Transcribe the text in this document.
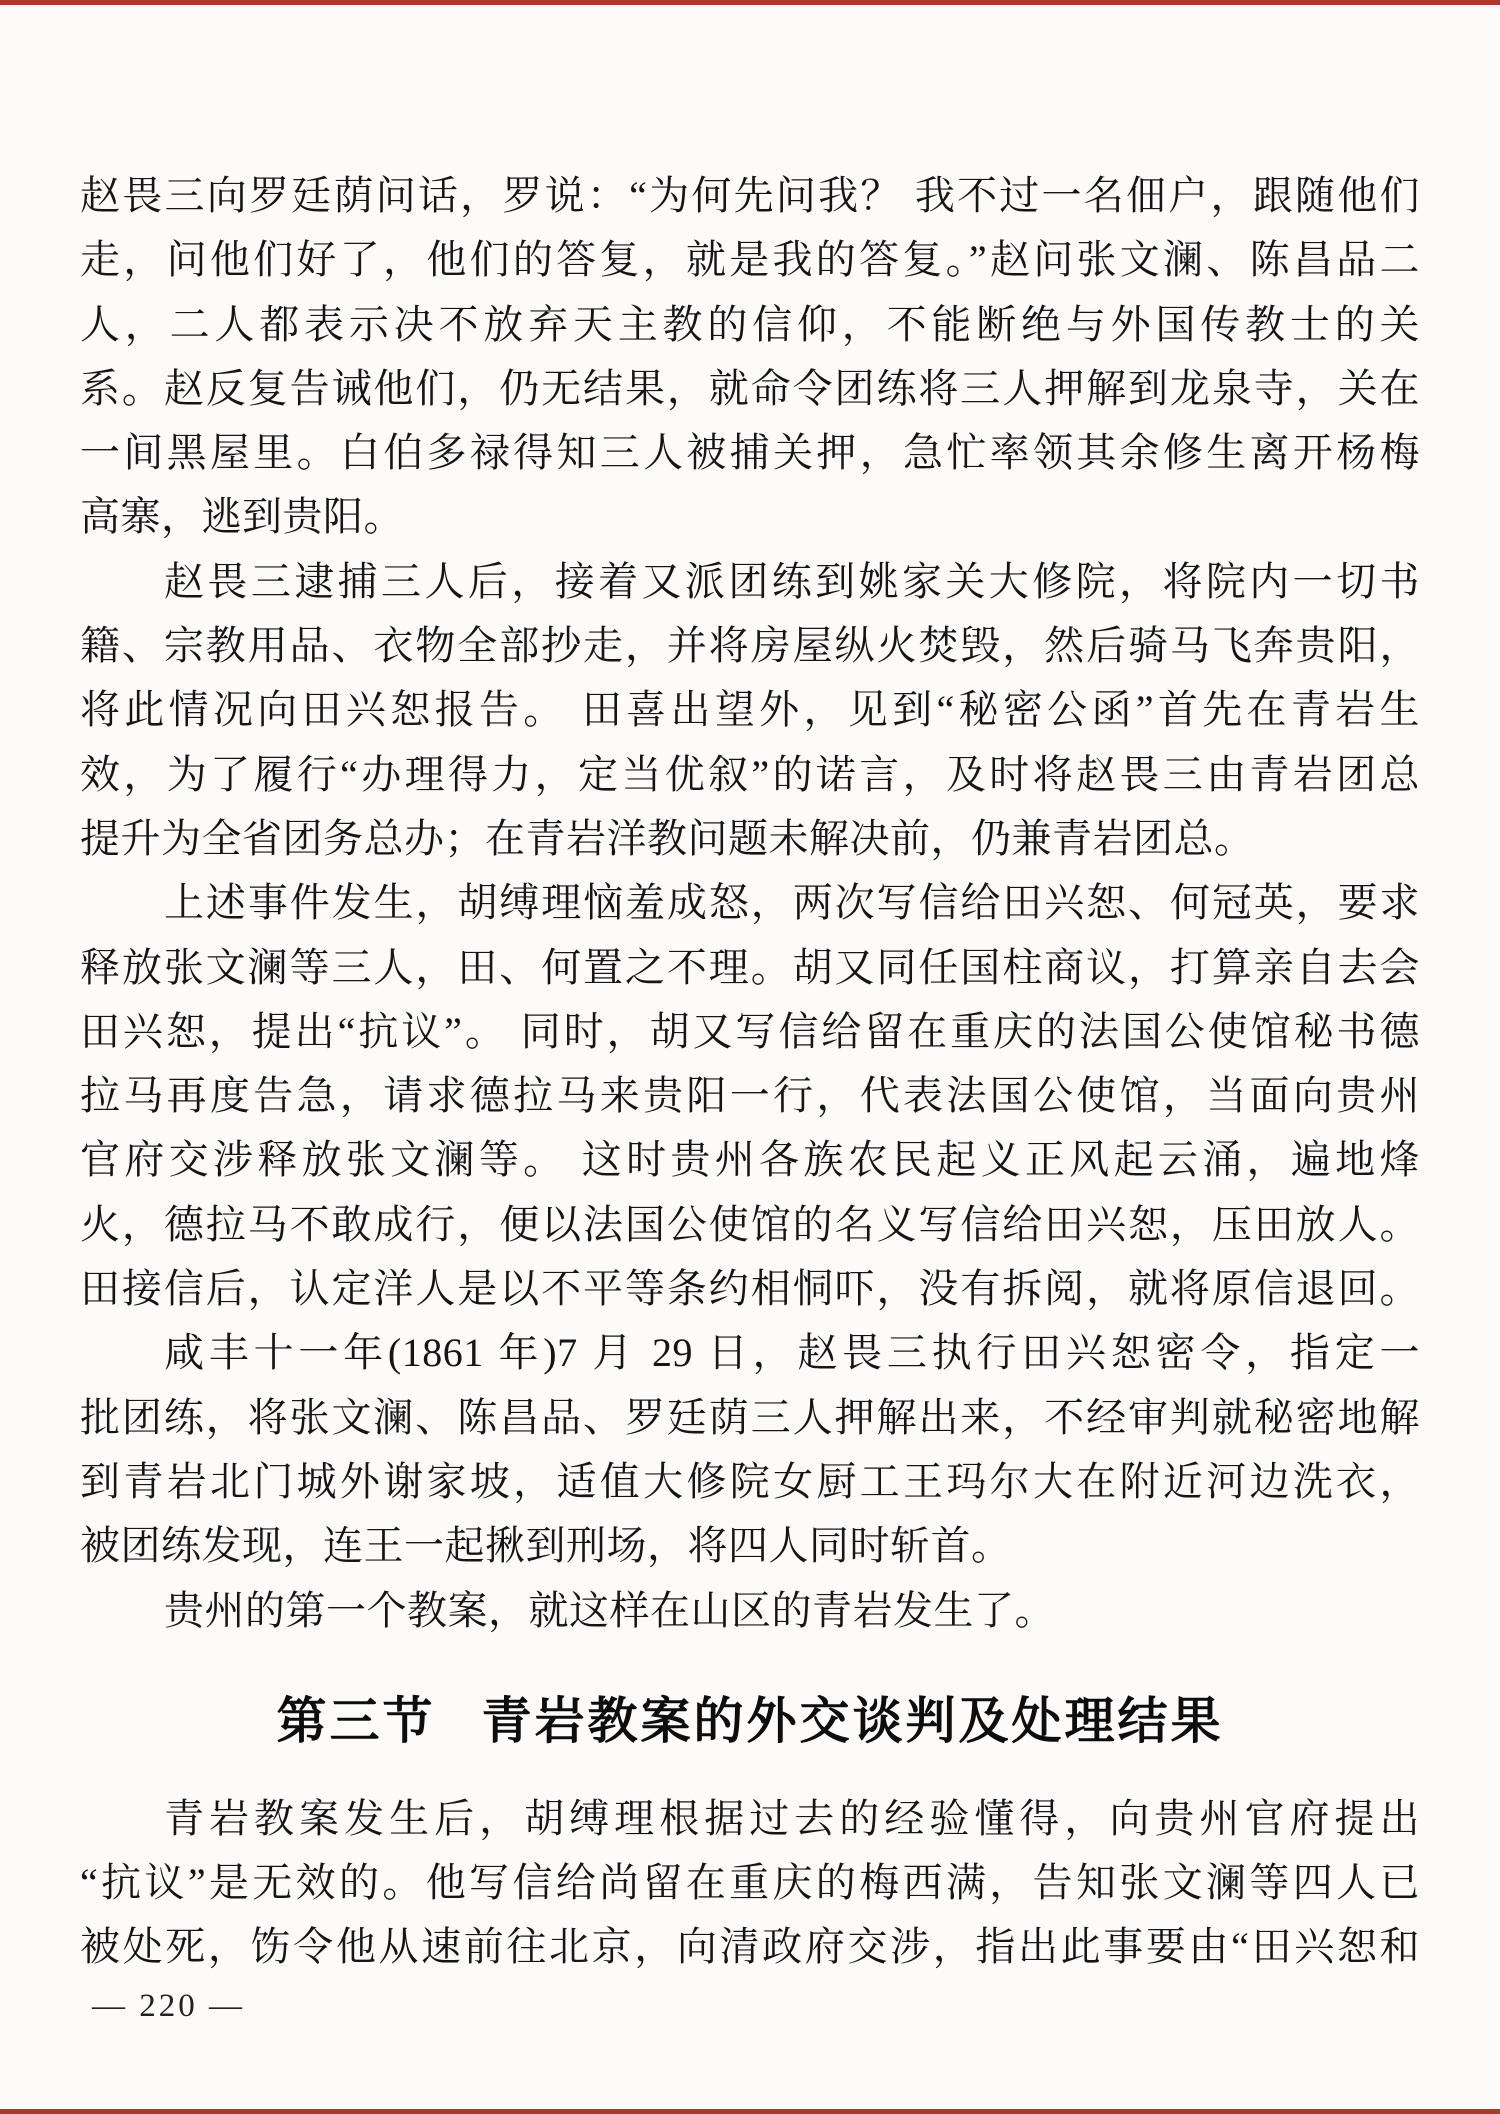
赵畏三向罗廷荫问话，罗说：“为何先问我？ 我不过一名佃户，跟随他们
走，问他们好了，他们的答复，就是我的答复。”赵问张文澜、陈昌品二
人，二人都表示决不放弃天主教的信仰，不能断绝与外国传教士的关
系。赵反复告诫他们，仍无结果，就命令团练将三人押解到龙泉寺，关在
一间黑屋里。白伯多禄得知三人被捕关押，急忙率领其余修生离开杨梅
高寨，逃到贵阳。
赵畏三逮捕三人后，接着又派团练到姚家关大修院，将院内一切书
籍、宗教用品、衣物全部抄走，并将房屋纵火焚毁，然后骑马飞奔贵阳，
将此情况向田兴恕报告。 田喜出望外，见到“秘密公函”首先在青岩生
效，为了履行“办理得力，定当优叙”的诺言，及时将赵畏三由青岩团总
提升为全省团务总办；在青岩洋教问题未解决前，仍兼青岩团总。
上述事件发生，胡缚理恼羞成怒，两次写信给田兴恕、何冠英，要求
释放张文澜等三人，田、何置之不理。胡又同任国柱商议，打算亲自去会
田兴恕，提出“抗议”。 同时，胡又写信给留在重庆的法国公使馆秘书德
拉马再度告急，请求德拉马来贵阳一行，代表法国公使馆，当面向贵州
官府交涉释放张文澜等。 这时贵州各族农民起义正风起云涌，遍地烽
火，德拉马不敢成行，便以法国公使馆的名义写信给田兴恕，压田放人。
田接信后，认定洋人是以不平等条约相恫吓，没有拆阅，就将原信退回。
咸丰十一年(1861 年)7 月 29 日，赵畏三执行田兴恕密令，指定一
批团练，将张文澜、陈昌品、罗廷荫三人押解出来，不经审判就秘密地解
到青岩北门城外谢家坡，适值大修院女厨工王玛尔大在附近河边洗衣，
被团练发现，连王一起揪到刑场，将四人同时斩首。
贵州的第一个教案，就这样在山区的青岩发生了。
第三节 青岩教案的外交谈判及处理结果
青岩教案发生后，胡缚理根据过去的经验懂得，向贵州官府提出
“抗议”是无效的。他写信给尚留在重庆的梅西满，告知张文澜等四人已
被处死，饬令他从速前往北京，向清政府交涉，指出此事要由“田兴恕和
— 220 —
